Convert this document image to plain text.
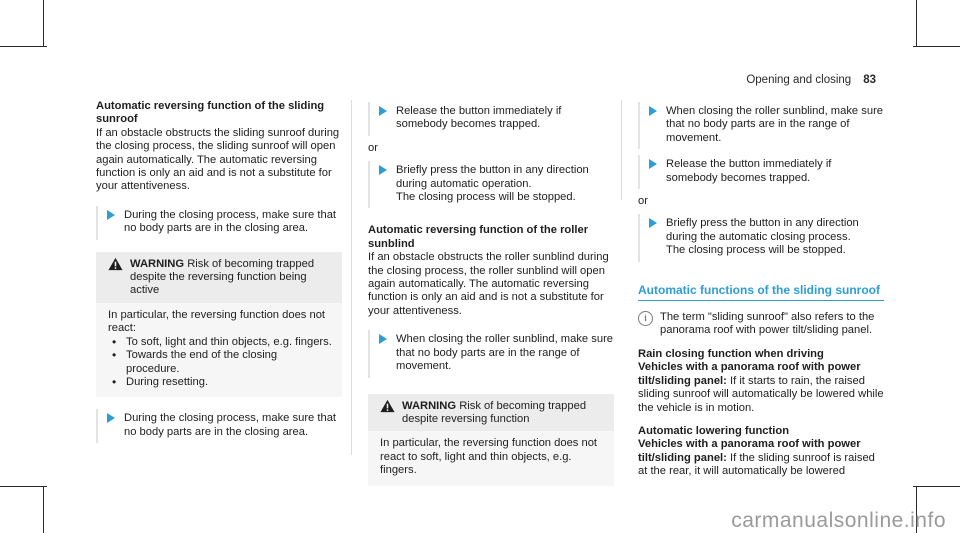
Opening and closing 83

Automatic reversing function of the sliding sunroof

If an obstacle obstructs the sliding sunroof during the closing process, the sliding sunroof will open again automatically. The automatic reversing function is only an aid and is not a substitute for your attentiveness.

During the closing process, make sure that no body parts are in the closing area.

WARNING Risk of becoming trapped despite the reversing function being active

In particular, the reversing function does not react:

• To soft, light and thin objects, e.g. fingers.
• Towards the end of the closing procedure.
• During resetting.

During the closing process, make sure that no body parts are in the closing area.

Release the button immediately if somebody becomes trapped.

or

Briefly press the button in any direction during automatic operation.

The closing process will be stopped.

Automatic reversing function of the roller sunblind

If an obstacle obstructs the roller sunblind during the closing process, the roller sunblind will open again automatically. The automatic reversing function is only an aid and is not a substitute for your attentiveness.

When closing the roller sunblind, make sure that no body parts are in the range of movement.

WARNING Risk of becoming trapped despite reversing function

In particular, the reversing function does not react to soft, light and thin objects, e.g. fingers.

When closing the roller sunblind, make sure that no body parts are in the range of movement.

Release the button immediately if somebody becomes trapped.

or

Briefly press the button in any direction during the automatic closing process.

The closing process will be stopped.

Automatic functions of the sliding sunroof
i	The term "sliding sunroof" also refers to the panorama roof with power tilt/sliding panel.

Rain closing function when driving

Vehicles with a panorama roof with power tilt/sliding panel: If it starts to rain, the raised sliding sunroof will automatically be lowered while the vehicle is in motion.

Automatic lowering function

Vehicles with a panorama roof with power tilt/sliding panel: If the sliding sunroof is raised at the rear, it will automatically be lowered

carmanualsonline.info
